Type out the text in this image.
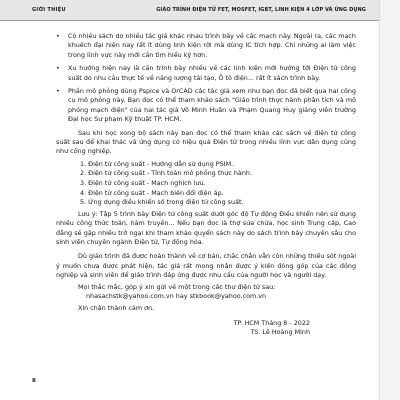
GIỚI THIỆU	GIÁO TRÌNH ĐIỆN TỬ FET, MOSFET, IGBT, LINH KIỆN 4 LỚP VÀ ỨNG DỤNG
• Có nhiều sách do nhiều tác giả khác nhau trình bày về các mạch này. Ngoài ra, các mạch khuếch đại hiện nay rất ít dùng linh kiện rời mà dùng IC tích hợp. Chỉ những ai làm việc trong lĩnh vực này mới cần tìm hiểu kỹ hơn.
• Xu hướng hiện nay là cần trình bày nhiều về các linh kiện mới hướng tới Điện tử công suất do nhu cầu thực tế về năng lượng tái tạo, Ô tô điện... rất ít sách trình bày.
• Phần mô phỏng dùng Pspice và OrCAD các tác giả xem như bạn đọc đã biết qua hai công cụ mô phỏng này. Bạn đọc có thể tham khảo sách "Giáo trình thực hành phân tích và mô phỏng mạch điện" của hai tác giả Võ Minh Huân và Phạm Quang Huy giảng viên trường Đại học Sư phạm Kỹ thuật TP. HCM.

Sau khi học xong bộ sách này bạn đọc có thể tham khảo các sách về điện tử công suất sau để khai thác và ứng dụng có hiệu quả Điện tử trong nhiều lĩnh vực dân dụng cũng như công nghiệp.

1. Điện tử công suất - Hướng dẫn sử dụng PSIM.
2. Điện tử công suất - Tính toán mô phỏng thực hành.
3. Điện tử công suất - Mạch nghịch lưu.
4. Điện tử công suất - Mạch biến đổi điện áp.
5. Ứng dụng điều khiển số trong điện tử công suất.

Lưu ý: Tập 5 trình bày Điện tử công suất dưới góc độ Tự động Điều khiển nên sử dụng nhiều công thức toán, hàm truyền... Nếu bạn đọc là thợ sửa chữa, học sinh Trung cấp, Cao đẳng sẽ gặp nhiều trở ngại khi tham khảo quyển sách này do sách trình bày chuyên sâu cho sinh viên chuyên ngành Điện tử, Tự động hóa.

Dù giáo trình đã được hoàn thành về cơ bản, chắc chắn vẫn còn những thiếu sót ngoài ý muốn chưa được phát hiện, tác giả rất mong nhận được ý kiến đóng góp của các đồng nghiệp và sinh viên để giáo trình đáp ứng được nhu cầu của người học và người dạy.

Mọi thắc mắc, góp ý xin gửi về một trong các thư điện tử sau:

nhasachstk@yahoo.com.vn hay stkbook@yahoo.com.vn

Xin chân thành cảm ơn.

TP. HCM Tháng 8 - 2022

TS. Lê Hoàng Minh

8
